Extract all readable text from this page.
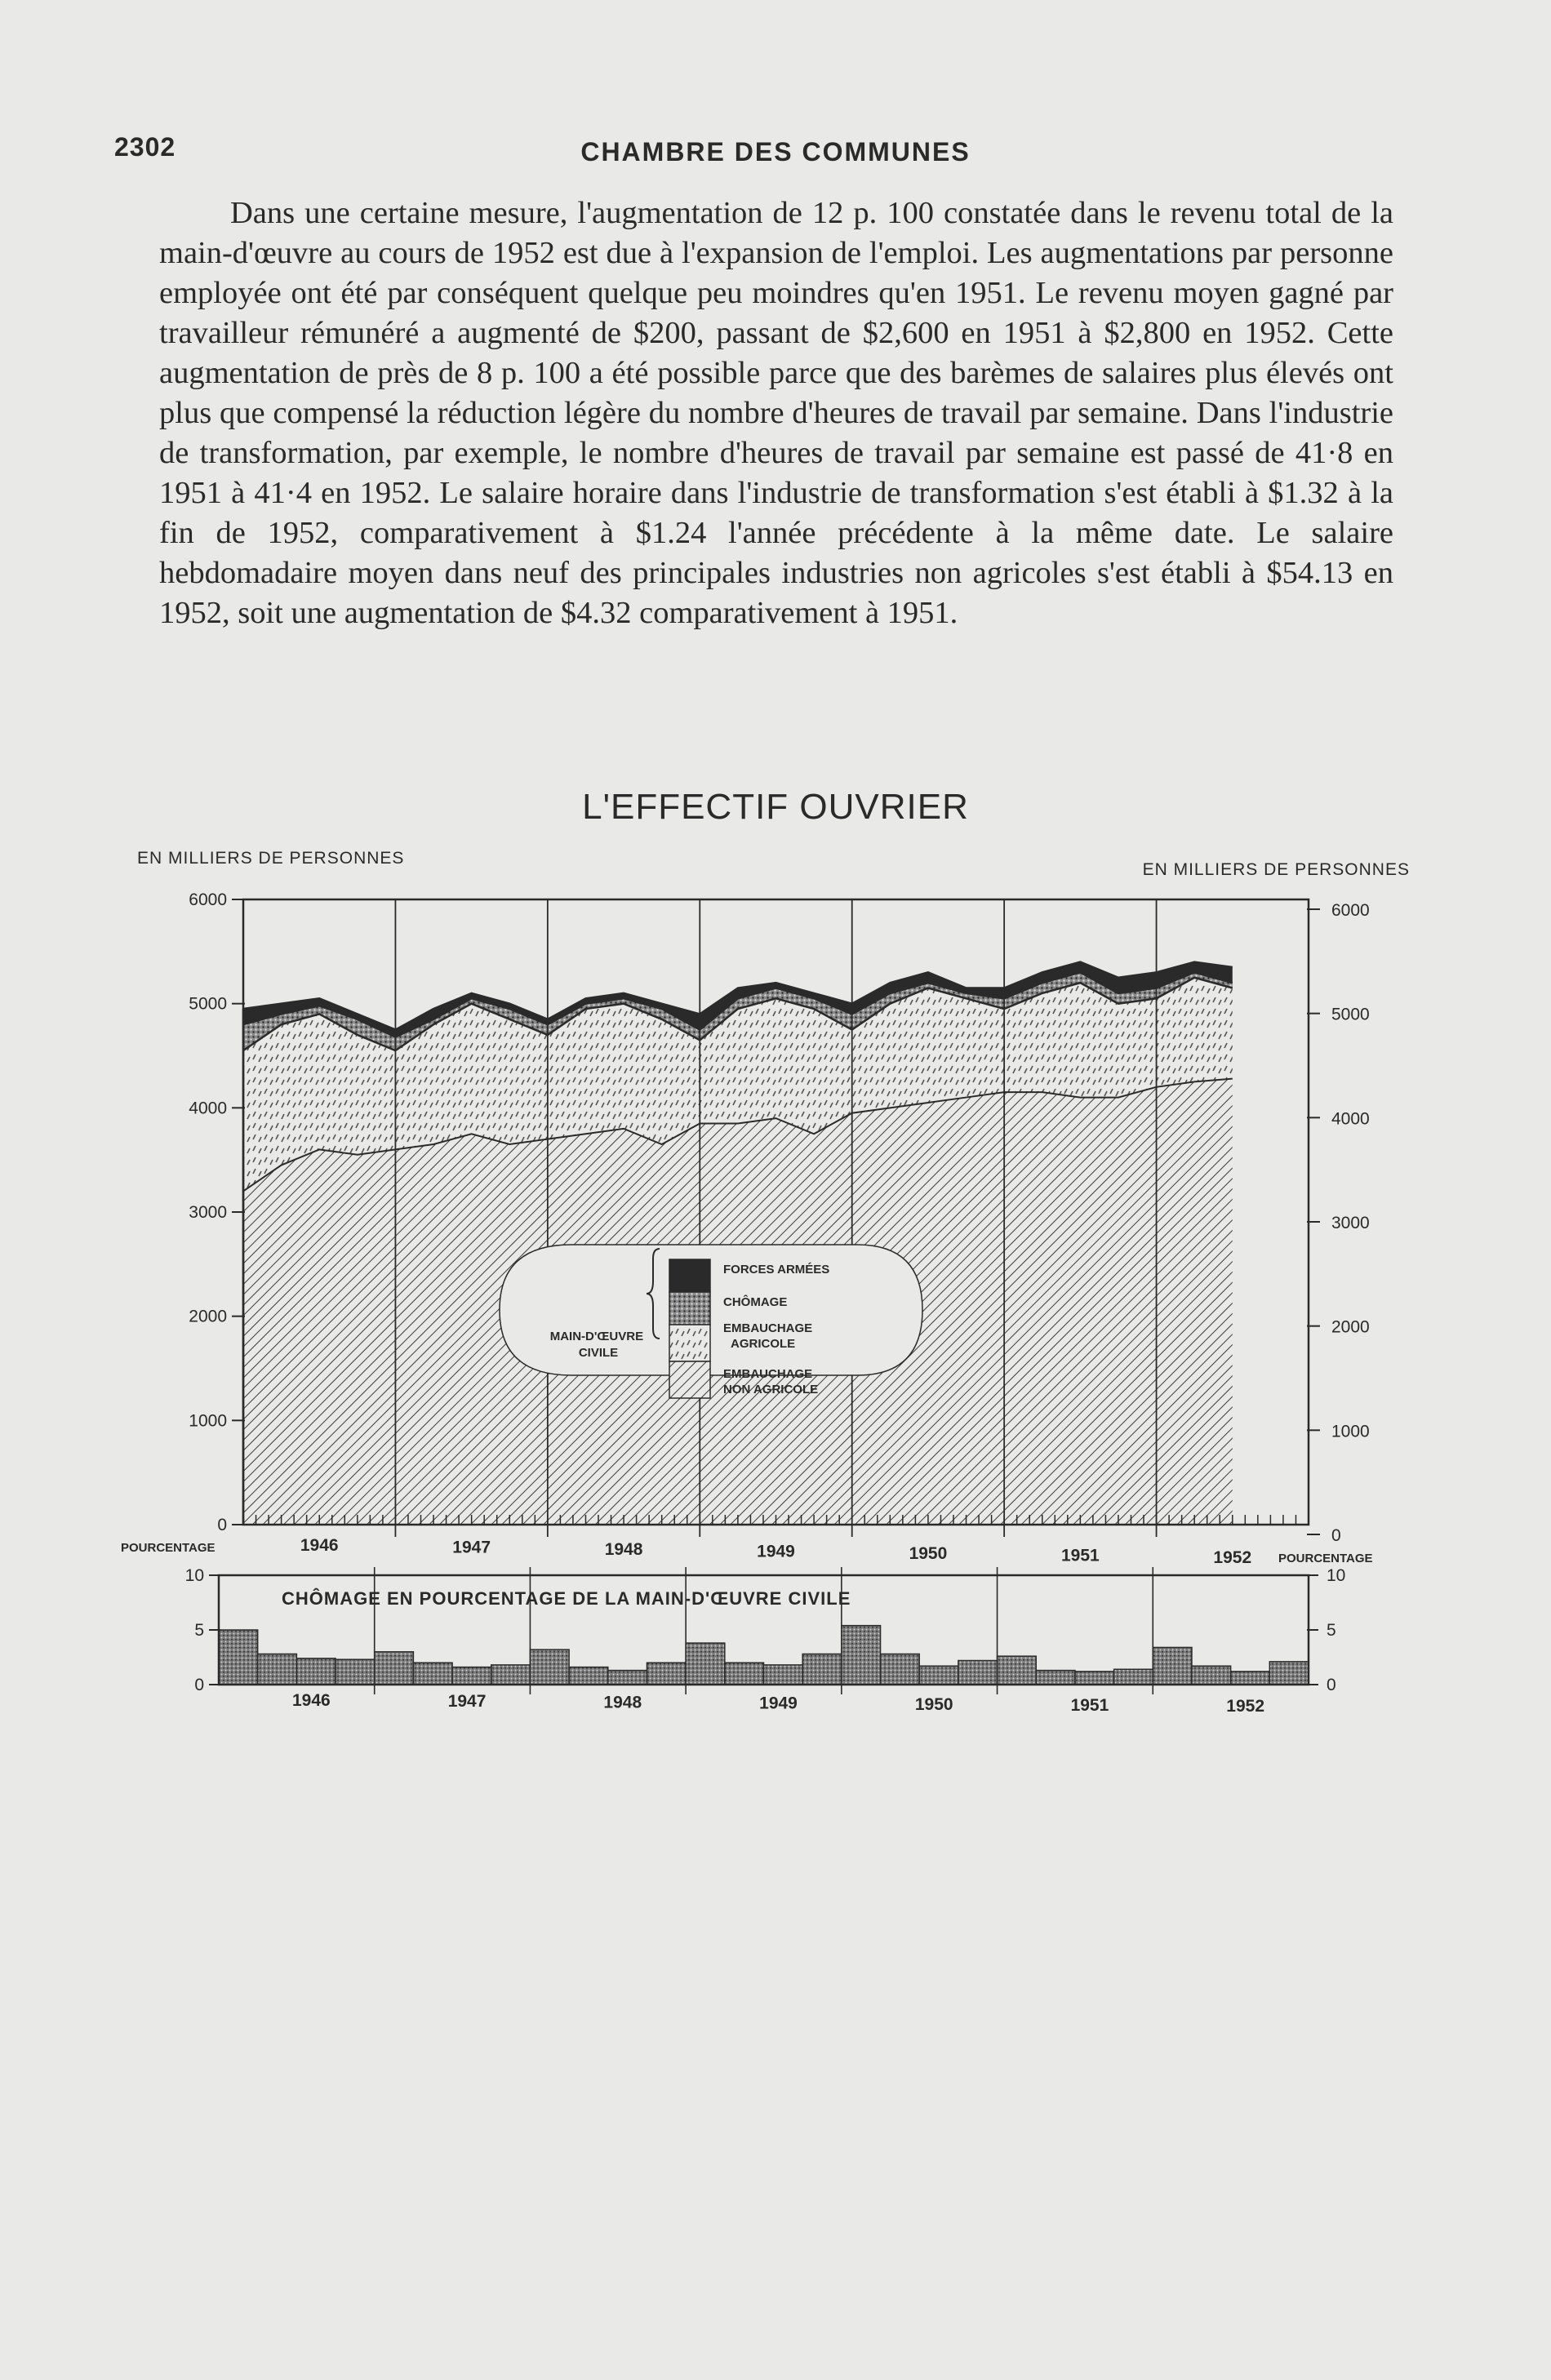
2302	CHAMBRE DES COMMUNES

Dans une certaine mesure, l'augmentation de 12 p. 100 constatée dans le revenu total de la main-d'œuvre au cours de 1952 est due à l'expansion de l'emploi. Les augmentations par personne employée ont été par conséquent quelque peu moindres qu'en 1951. Le revenu moyen gagné par travailleur rémunéré a augmenté de $200, passant de $2,600 en 1951 à $2,800 en 1952. Cette augmentation de près de 8 p. 100 a été possible parce que des barèmes de salaires plus élevés ont plus que compensé la réduction légère du nombre d'heures de travail par semaine. Dans l'industrie de transformation, par exemple, le nombre d'heures de travail par semaine est passé de 41·8 en 1951 à 41·4 en 1952. Le salaire horaire dans l'industrie de transformation s'est établi à $1.32 à la fin de 1952, comparativement à $1.24 l'année précédente à la même date. Le salaire hebdomadaire moyen dans neuf des principales industries non agricoles s'est établi à $54.13 en 1952, soit une augmentation de $4.32 comparativement à 1951.

L'EFFECTIF OUVRIER
EN MILLIERS DE PERSONNES
EN MILLIERS DE PERSONNES
0
1000
2000
3000
4000
5000
6000
0
1000
2000
3000
4000
5000
6000
1946	1947	1948	1949	1950	1951	1952
MAIN-D'ŒUVRE CIVILE
FORCES ARMÉES
CHÔMAGE
EMBAUCHAGE AGRICOLE
EMBAUCHAGE NON AGRICOLE
POURCENTAGE
POURCENTAGE
CHÔMAGE EN POURCENTAGE DE LA MAIN-D'ŒUVRE CIVILE
0
5
10
0
5
10
1946	1947	1948	1949	1950	1951	1952
